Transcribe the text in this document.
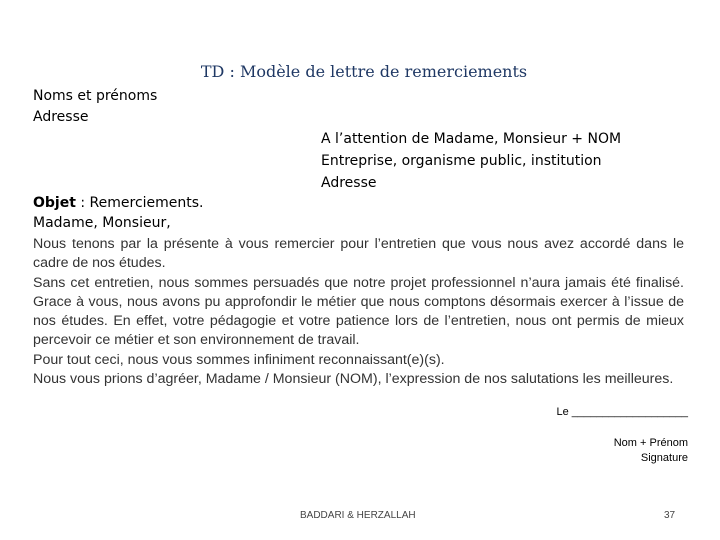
TD : Modèle de lettre de remerciements
Noms et prénoms
Adresse
A l’attention de Madame, Monsieur + NOM
Entreprise, organisme public, institution
Adresse
Objet : Remerciements.
Madame, Monsieur,

Nous tenons par la présente à vous remercier pour l’entretien que vous nous avez accordé dans le cadre de nos études.

Sans cet entretien, nous sommes persuadés que notre projet professionnel n’aura jamais été finalisé. Grace à vous, nous avons pu approfondir le métier que nous comptons désormais exercer à l’issue de nos études. En effet, votre pédagogie et votre patience lors de l’entretien, nous ont permis de mieux percevoir ce métier et son environnement de travail.

Pour tout ceci, nous vous sommes infiniment reconnaissant(e)(s).

Nous vous prions d’agréer, Madame / Monsieur (NOM), l’expression de nos salutations les meilleures.

Le ___________________
Nom + Prénom
Signature
BADDARI & HERZALLAH	37
